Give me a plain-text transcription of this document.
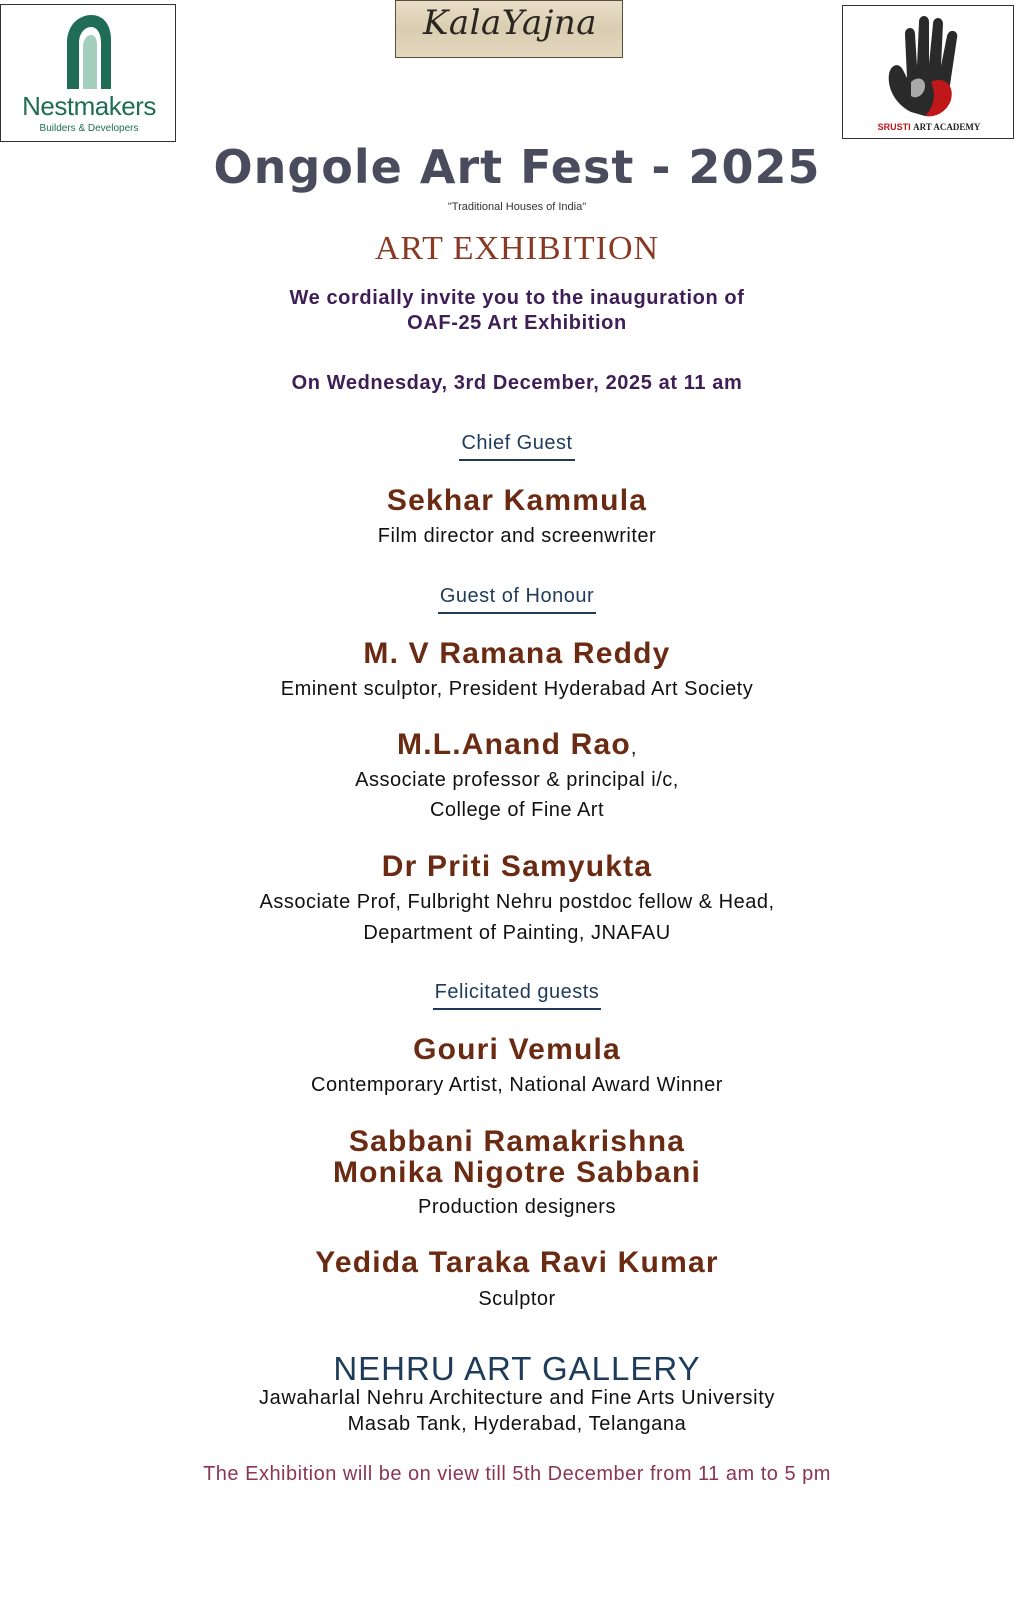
Nestmakers
Builders & Developers
KalaYajna
SRUSTI ART ACADEMY
Ongole Art Fest - 2025
"Traditional Houses of India"
ART EXHIBITION
We cordially invite you to the inauguration of
OAF-25 Art Exhibition
On Wednesday, 3rd December, 2025 at 11 am
Chief Guest
Sekhar Kammula
Film director and screenwriter
Guest of Honour
M. V Ramana Reddy
Eminent sculptor, President Hyderabad Art Society
M.L.Anand Rao,
Associate professor & principal i/c,
College of Fine Art
Dr Priti Samyukta
Associate Prof, Fulbright Nehru postdoc fellow & Head,
Department of Painting, JNAFAU
Felicitated guests
Gouri Vemula
Contemporary Artist, National Award Winner
Sabbani Ramakrishna
Monika Nigotre Sabbani
Production designers
Yedida Taraka Ravi Kumar
Sculptor
NEHRU ART GALLERY
Jawaharlal Nehru Architecture and Fine Arts University
Masab Tank, Hyderabad, Telangana
The Exhibition will be on view till 5th December from 11 am to 5 pm
